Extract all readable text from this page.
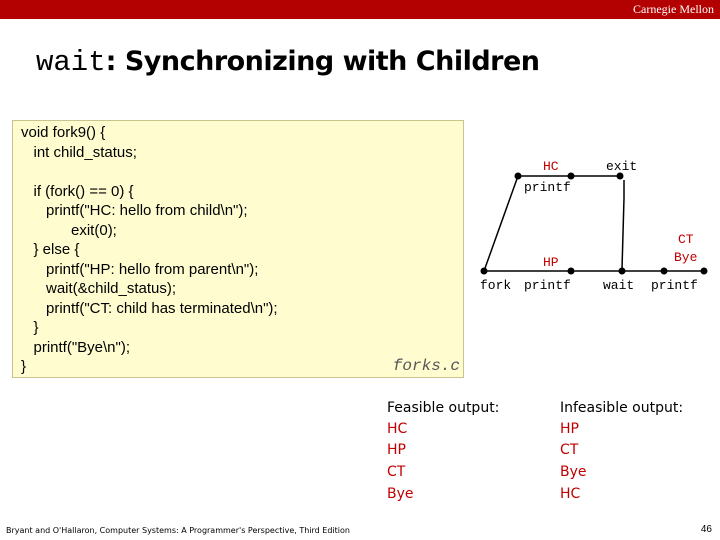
Carnegie Mellon
wait: Synchronizing with Children
void fork9() {
int child_status;

if (fork() == 0) {
printf("HC: hello from child\n");
exit(0);
} else {
printf("HP: hello from parent\n");
wait(&child_status);
printf("CT: child has terminated\n");
}
printf("Bye\n");
}	forks.c
HC
printf
exit
HP
fork printf wait
CT
Bye
printf
Feasible output:
HC
HP
CT
Bye
Infeasible output:
HP
CT
Bye
HC
Bryant and O'Hallaron, Computer Systems: A Programmer's Perspective, Third Edition	46
